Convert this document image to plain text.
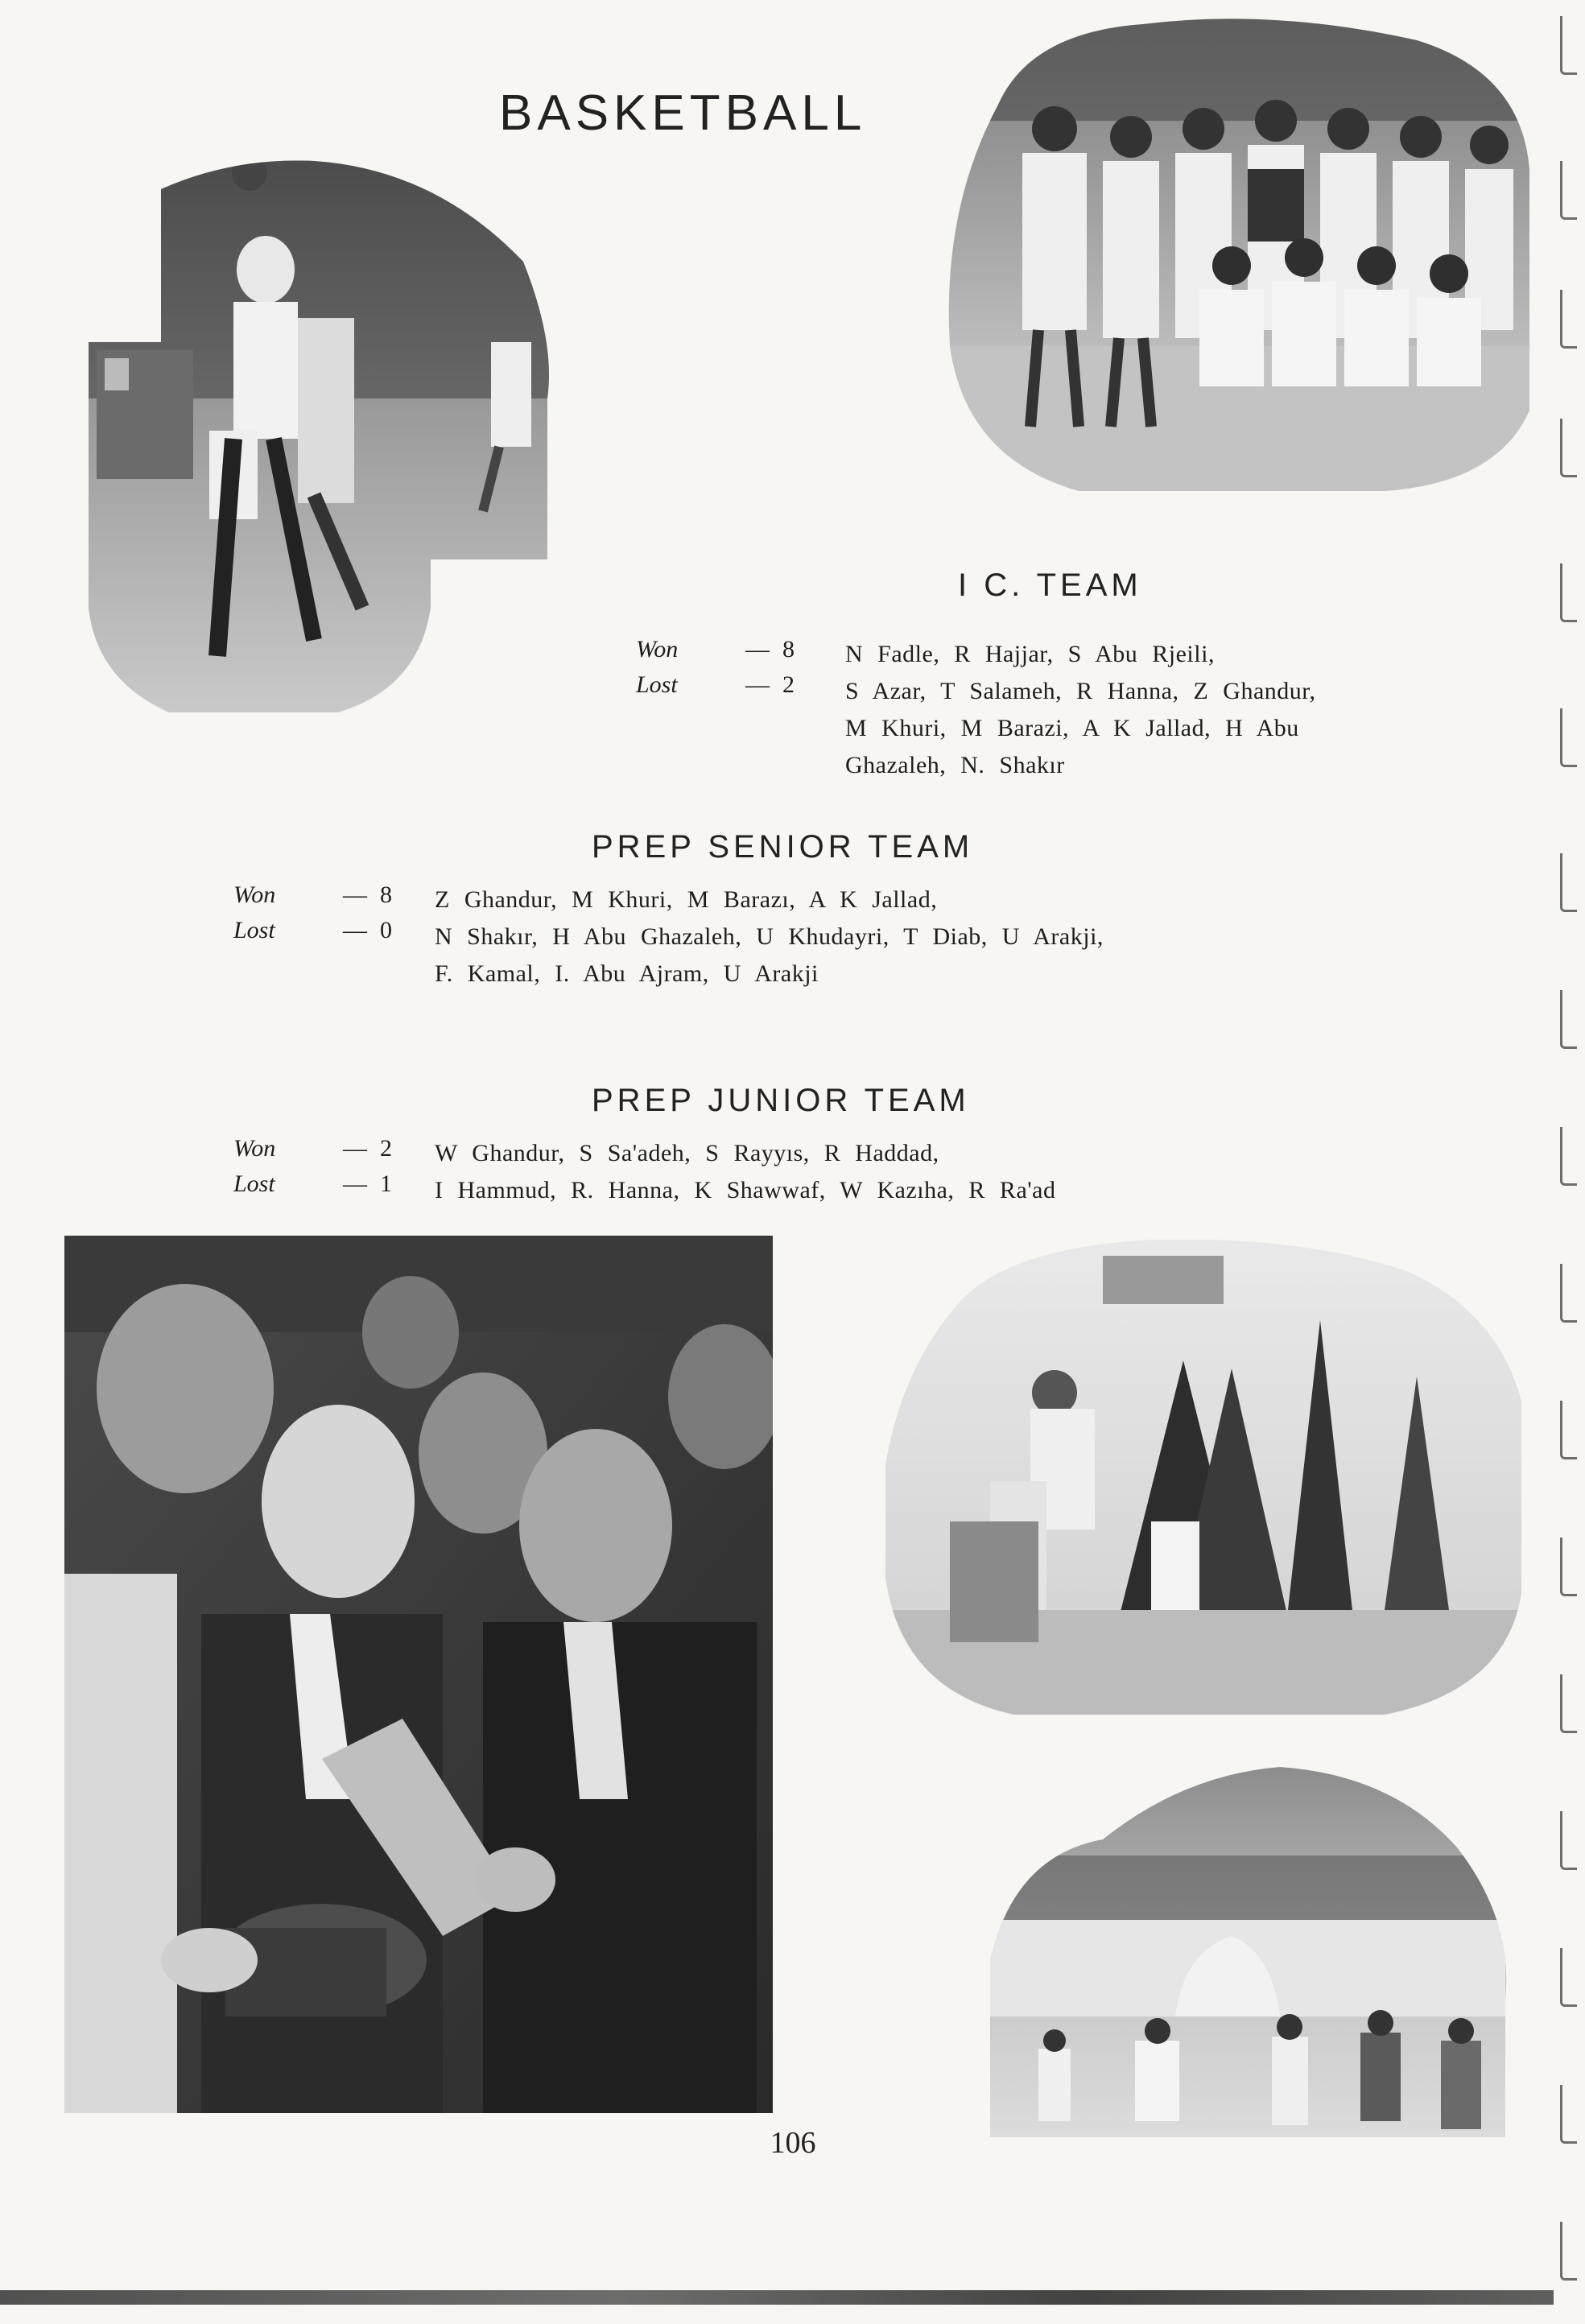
BASKETBALL
I C. TEAM
Won	— 8
Lost	— 2
N Fadle, R Hajjar, S Abu Rjeili,
S Azar, T Salameh, R Hanna, Z Ghandur,
M Khuri, M Barazi, A K Jallad, H Abu
Ghazaleh, N. Shakır
PREP SENIOR TEAM
Won	— 8
Lost	— 0
Z Ghandur, M Khuri, M Barazı, A K Jallad,
N Shakır, H Abu Ghazaleh, U Khudayri, T Diab, U Arakji,
F. Kamal, I. Abu Ajram, U Arakji
PREP JUNIOR TEAM
Won	— 2
Lost	— 1
W Ghandur, S Sa'adeh, S Rayyıs, R Haddad,
I Hammud, R. Hanna, K Shawwaf, W Kazıha, R Ra'ad
106
